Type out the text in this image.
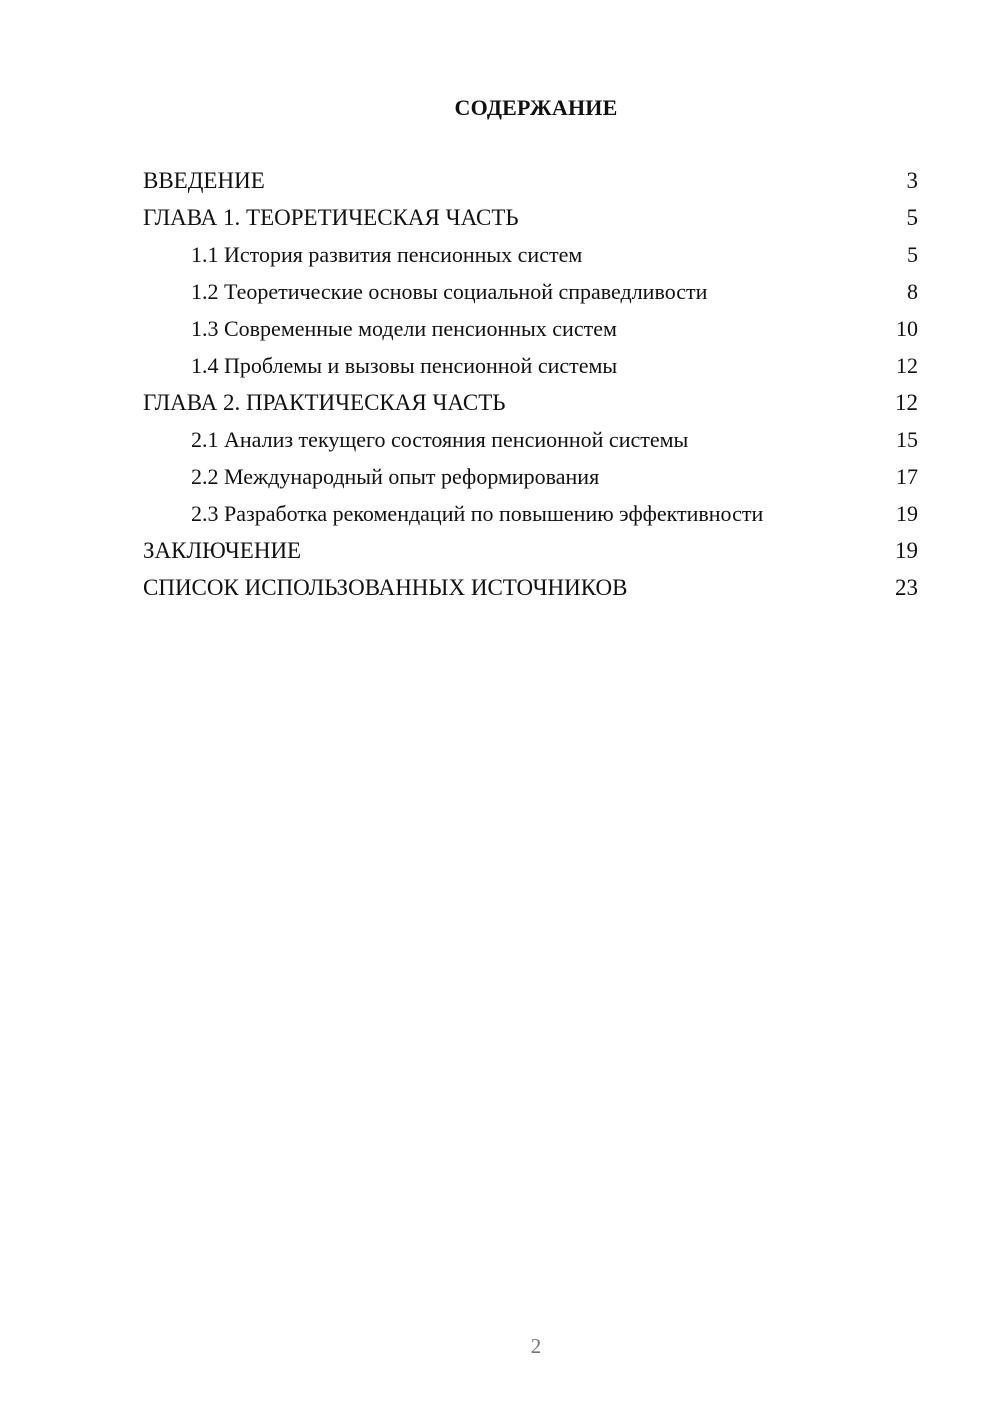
СОДЕРЖАНИЕ
ВВЕДЕНИЕ	3
ГЛАВА 1. ТЕОРЕТИЧЕСКАЯ ЧАСТЬ	5
1.1 История развития пенсионных систем	5
1.2 Теоретические основы социальной справедливости	8
1.3 Современные модели пенсионных систем	10
1.4 Проблемы и вызовы пенсионной системы	12
ГЛАВА 2. ПРАКТИЧЕСКАЯ ЧАСТЬ	12
2.1 Анализ текущего состояния пенсионной системы	15
2.2 Международный опыт реформирования	17
2.3 Разработка рекомендаций по повышению эффективности	19
ЗАКЛЮЧЕНИЕ	19
СПИСОК ИСПОЛЬЗОВАННЫХ ИСТОЧНИКОВ	23
2
